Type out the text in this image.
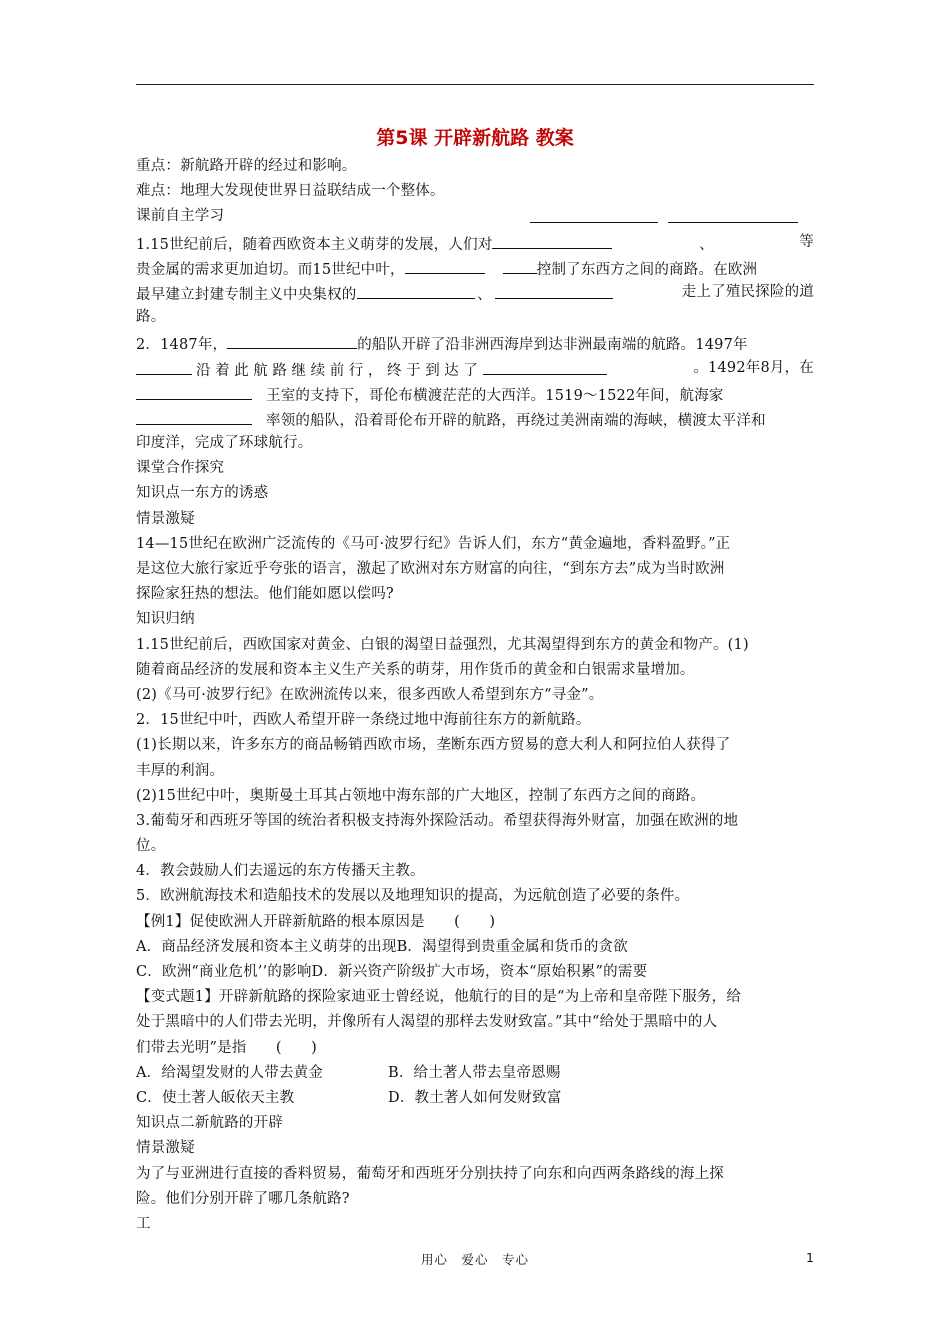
第5课 开辟新航路 教案
重点：新航路开辟的经过和影响。
难点：地理大发现使世界日益联结成一个整体。
课前自主学习
1.15世纪前后，随着西欧资本主义萌芽的发展，人们对	、	等
贵金属的需求更加迫切。而15世纪中叶，	控制了东西方之间的商路。在欧洲
最早建立封建专制主义中央集权的	、	走上了殖民探险的道
路。
2．1487年，	的船队开辟了沿非洲西海岸到达非洲最南端的航路。1497年
沿着此航路继续前行，终于到达了	。1492年8月，在
王室的支持下，哥伦布横渡茫茫的大西洋。1519～1522年间，航海家
率领的船队，沿着哥伦布开辟的航路，再绕过美洲南端的海峡，横渡太平洋和
印度洋，完成了环球航行。
课堂合作探究
知识点一东方的诱惑
情景激疑
14—15世纪在欧洲广泛流传的《马可·波罗行纪》告诉人们，东方“黄金遍地，香料盈野。”正
是这位大旅行家近乎夸张的语言，激起了欧洲对东方财富的向往，“到东方去”成为当时欧洲
探险家狂热的想法。他们能如愿以偿吗?
知识归纳
1.15世纪前后，西欧国家对黄金、白银的渴望日益强烈，尤其渴望得到东方的黄金和物产。(1)
随着商品经济的发展和资本主义生产关系的萌芽，用作货币的黄金和白银需求量增加。
(2)《马可·波罗行纪》在欧洲流传以来，很多西欧人希望到东方“寻金”。
2．15世纪中叶，西欧人希望开辟一条绕过地中海前往东方的新航路。
(1)长期以来，许多东方的商品畅销西欧市场，垄断东西方贸易的意大利人和阿拉伯人获得了
丰厚的利润。
(2)15世纪中叶，奥斯曼土耳其占领地中海东部的广大地区，控制了东西方之间的商路。
3.葡萄牙和西班牙等国的统治者积极支持海外探险活动。希望获得海外财富，加强在欧洲的地
位。
4．教会鼓励人们去遥远的东方传播天主教。
5．欧洲航海技术和造船技术的发展以及地理知识的提高，为远航创造了必要的条件。
【例1】促使欧洲人开辟新航路的根本原因是　　(　　)
A．商品经济发展和资本主义萌芽的出现B．渴望得到贵重金属和货币的贪欲
C．欧洲“商业危机’’的影响D．新兴资产阶级扩大市场，资本“原始积累”的需要
【变式题1】开辟新航路的探险家迪亚士曾经说，他航行的目的是“为上帝和皇帝陛下服务，给
处于黑暗中的人们带去光明，并像所有人渴望的那样去发财致富。”其中“给处于黑暗中的人
们带去光明”是指　　(　　)
A．给渴望发财的人带去黄金	B．给土著人带去皇帝恩赐
C．使土著人皈依天主教	D．教土著人如何发财致富
知识点二新航路的开辟
情景激疑
为了与亚洲进行直接的香料贸易，葡萄牙和西班牙分别扶持了向东和向西两条路线的海上探
险。他们分别开辟了哪几条航路?
工
用心　爱心　专心	1
